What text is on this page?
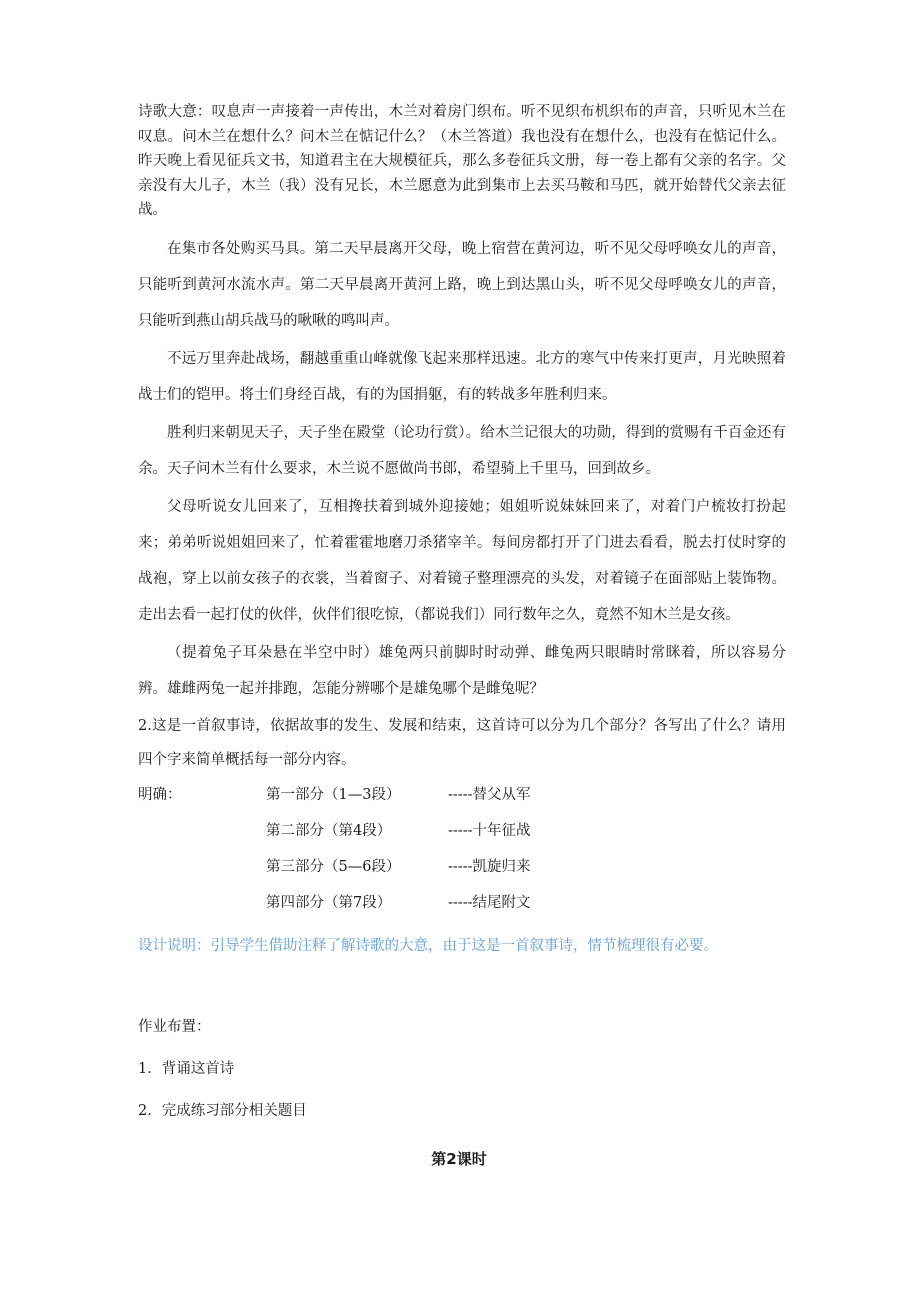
诗歌大意：叹息声一声接着一声传出，木兰对着房门织布。听不见织布机织布的声音，只听见木兰在叹息。问木兰在想什么？问木兰在惦记什么？（木兰答道）我也没有在想什么，也没有在惦记什么。昨天晚上看见征兵文书，知道君主在大规模征兵，那么多卷征兵文册，每一卷上都有父亲的名字。父亲没有大儿子，木兰（我）没有兄长，木兰愿意为此到集市上去买马鞍和马匹，就开始替代父亲去征战。

在集市各处购买马具。第二天早晨离开父母，晚上宿营在黄河边，听不见父母呼唤女儿的声音，只能听到黄河水流水声。第二天早晨离开黄河上路，晚上到达黑山头，听不见父母呼唤女儿的声音，只能听到燕山胡兵战马的啾啾的鸣叫声。

不远万里奔赴战场，翻越重重山峰就像飞起来那样迅速。北方的寒气中传来打更声，月光映照着战士们的铠甲。将士们身经百战，有的为国捐躯，有的转战多年胜利归来。

胜利归来朝见天子，天子坐在殿堂（论功行赏）。给木兰记很大的功勋，得到的赏赐有千百金还有余。天子问木兰有什么要求，木兰说不愿做尚书郎，希望骑上千里马，回到故乡。

父母听说女儿回来了，互相搀扶着到城外迎接她；姐姐听说妹妹回来了，对着门户梳妆打扮起来；弟弟听说姐姐回来了，忙着霍霍地磨刀杀猪宰羊。每间房都打开了门进去看看，脱去打仗时穿的战袍，穿上以前女孩子的衣裳，当着窗子、对着镜子整理漂亮的头发，对着镜子在面部贴上装饰物。走出去看一起打仗的伙伴，伙伴们很吃惊，（都说我们）同行数年之久，竟然不知木兰是女孩。

（提着兔子耳朵悬在半空中时）雄兔两只前脚时时动弹、雌兔两只眼睛时常眯着，所以容易分辨。雄雌两兔一起并排跑，怎能分辨哪个是雄兔哪个是雌兔呢？

2.这是一首叙事诗，依据故事的发生、发展和结束，这首诗可以分为几个部分？各写出了什么？请用四个字来简单概括每一部分内容。

明确：	第一部分（1—3段）	-----替父从军
第二部分（第4段）	-----十年征战
第三部分（5—6段）	-----凯旋归来
第四部分（第7段）	-----结尾附文

设计说明：引导学生借助注释了解诗歌的大意，由于这是一首叙事诗，情节梳理很有必要。

作业布置：

1．背诵这首诗

2．完成练习部分相关题目

第2课时
